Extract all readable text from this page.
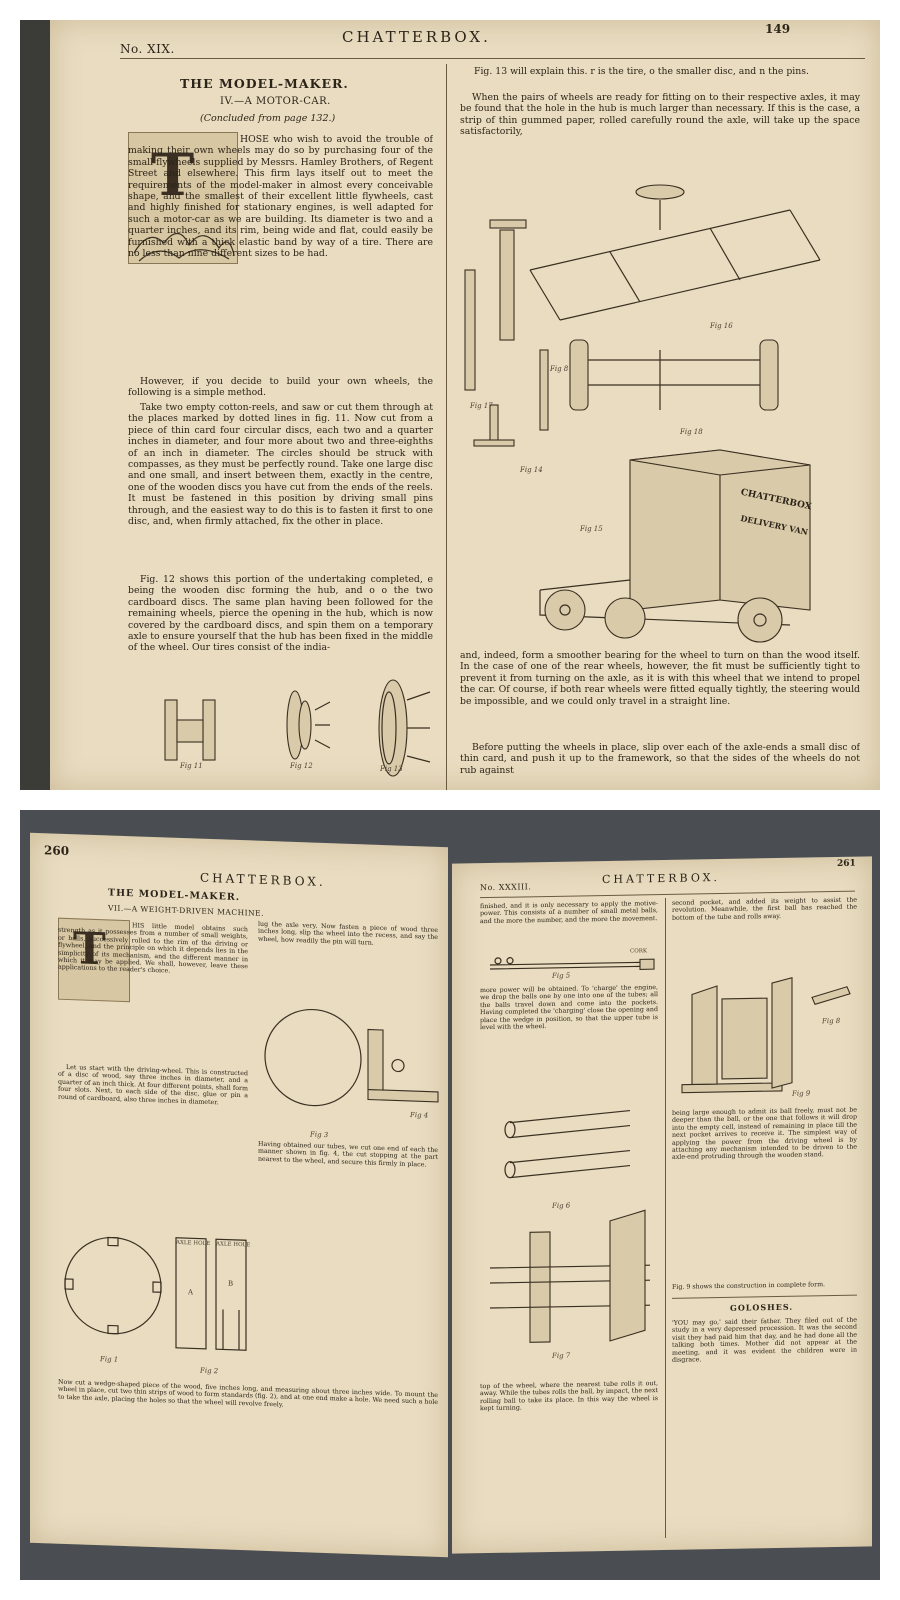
No. XIX.
CHATTERBOX.	149
THE MODEL-MAKER.
IV.—A MOTOR-CAR.
(Concluded from page 132.)
T

HOSE who wish to avoid the trouble of making their own wheels may do so by purchasing four of the small flywheels supplied by Messrs. Hamley Brothers, of Regent Street and elsewhere. This firm lays itself out to meet the requirements of the model-maker in almost every conceivable shape, and the smallest of their excellent little flywheels, cast and highly finished for stationary engines, is well adapted for such a motor-car as we are building. Its diameter is two and a quarter inches, and its rim, being wide and flat, could easily be furnished with a thick elastic band by way of a tire. There are no less than nine different sizes to be had.

However, if you decide to build your own wheels, the following is a simple method.

Take two empty cotton-reels, and saw or cut them through at the places marked by dotted lines in fig. 11. Now cut from a piece of thin card four circular discs, each two and a quarter inches in diameter, and four more about two and three-eighths of an inch in diameter. The circles should be struck with compasses, as they must be perfectly round. Take one large disc and one small, and insert between them, exactly in the centre, one of the wooden discs you have cut from the ends of the reels. It must be fastened in this position by driving small pins through, and the easiest way to do this is to fasten it first to one disc, and, when firmly attached, fix the other in place.

Fig. 12 shows this portion of the undertaking completed, e being the wooden disc forming the hub, and o o the two cardboard discs. The same plan having been followed for the remaining wheels, pierce the opening in the hub, which is now covered by the cardboard discs, and spin them on a temporary axle to ensure yourself that the hub has been fixed in the middle of the wheel. Our tires consist of the india-

Fig 11	Fig 12	Fig 13

Fig. 13 will explain this. r is the tire, o the smaller disc, and n the pins.

When the pairs of wheels are ready for fitting on to their respective axles, it may be found that the hole in the hub is much larger than necessary. If this is the case, a strip of thin gummed paper, rolled carefully round the axle, will take up the space satisfactorily,

CHATTERBOX
DELIVERY VAN
Fig 16
Fig 17
Fig 8
Fig 18
Fig 14
Fig 15

and, indeed, form a smoother bearing for the wheel to turn on than the wood itself. In the case of one of the rear wheels, however, the fit must be sufficiently tight to prevent it from turning on the axle, as it is with this wheel that we intend to propel the car. Of course, if both rear wheels were fitted equally tightly, the steering would be impossible, and we could only travel in a straight line.

Before putting the wheels in place, slip over each of the axle-ends a small disc of thin card, and push it up to the framework, so that the sides of the wheels do not rub against

260
CHATTERBOX.
THE MODEL-MAKER.
VII.—A WEIGHT-DRIVEN MACHINE.
T	HIS little model obtains such strength as it possesses from a number of small weights, or balls, successively rolled to the rim of the driving or flywheel, and the principle on which it depends lies in the simplicity of its mechanism, and the different manner in which it may be applied. We shall, however, leave these applications to the reader's choice.

Let us start with the driving-wheel. This is constructed of a disc of wood, say three inches in diameter, and a quarter of an inch thick. At four different points, shall form four slots. Next, to each side of the disc, glue or pin a round of cardboard, also three inches in diameter.

lug the axle very. Now fasten a piece of wood three inches long, slip the wheel into the recess, and say the wheel, how readily the pin will turn.

Fig 3
Fig 4

Having obtained our tubes, we cut one end of each the manner shown in fig. 4, the cut stopping at the part nearest to the wheel, and secure this firmly in place.

AXLE HOLE AXLE HOLE
A
B
Fig 1
Fig 2

Now cut a wedge-shaped piece of the wood, five inches long, and measuring about three inches wide. To mount the wheel in place, cut two thin strips of wood to form standards (fig. 2), and at one end make a hole. We need such a hole to take the axle, placing the holes so that the wheel will revolve freely.

No. XXXIII.
CHATTERBOX.
261

finished, and it is only necessary to apply the motive-power. This consists of a number of small metal balls, and the more the number, and the more the movement.

CORK
Fig 5

more power will be obtained. To 'charge' the engine, we drop the balls one by one into one of the tubes; all the balls travel down and come into the pockets. Having completed the 'charging' close the opening and place the wedge in position, so that the upper tube is level with the wheel.

Fig 6
Fig 7

top of the wheel, where the nearest tube rolls it out, away. While the tubes rolls the ball, by impact, the next rolling ball to take its place. In this way the wheel is kept turning.

second pocket, and added its weight to assist the revolution. Meanwhile, the first ball has reached the bottom of the tube and rolls away.

Fig 8
Fig 9

being large enough to admit its ball freely, must not be deeper than the ball, or the one that follows it will drop into the empty cell, instead of remaining in place till the next pocket arrives to receive it. The simplest way of applying the power from the driving wheel is by attaching any mechanism intended to be driven to the axle-end protruding through the wooden stand.

Fig. 9 shows the construction in complete form.

GOLOSHES.

'YOU may go,' said their father. They filed out of the study in a very depressed procession. It was the second visit they had paid him that day, and he had done all the talking both times. Mother did not appear at the meeting, and it was evident the children were in disgrace.
